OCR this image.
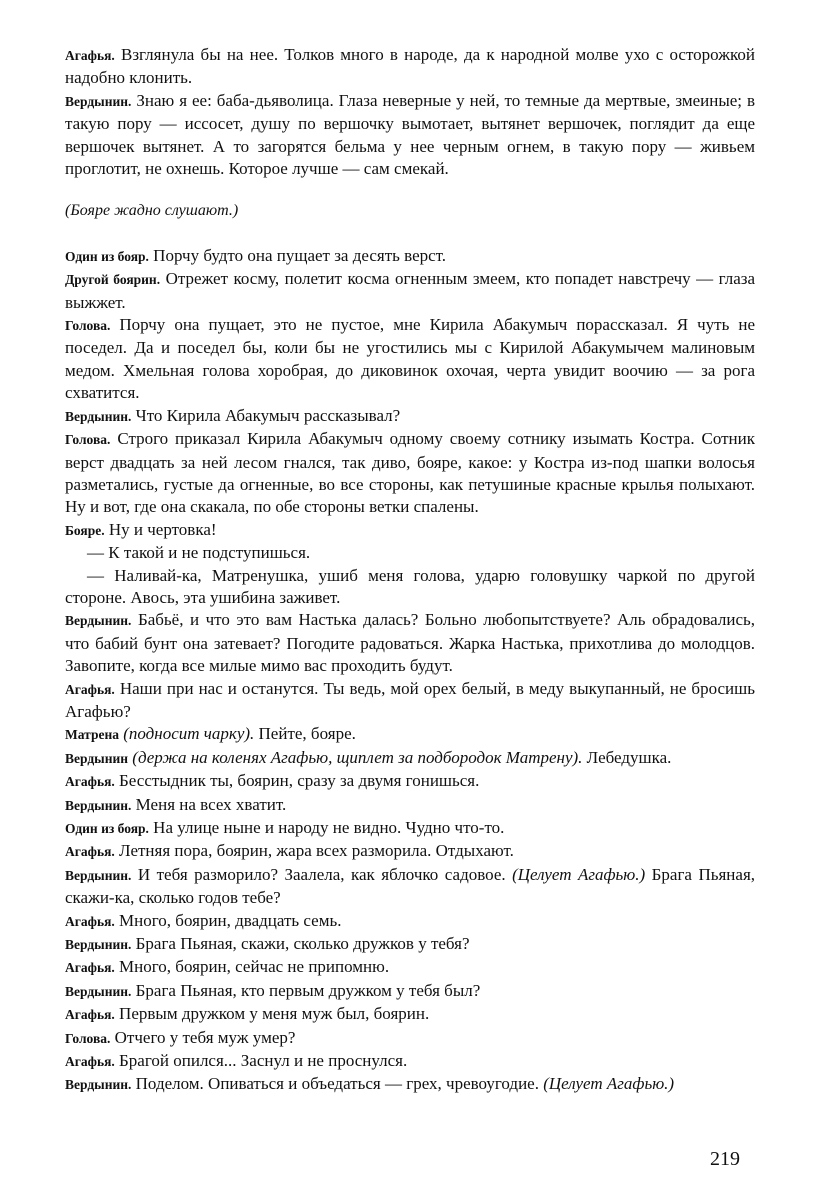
Агафья. Взглянула бы на нее. Толков много в народе, да к народной молве ухо с осторожкой надобно клонить.

Вердынин. Знаю я ее: баба-дьяволица. Глаза неверные у ней, то темные да мертвые, змеиные; в такую пору — иссосет, душу по вершочку вымотает, вытянет вершочек, поглядит да еще вершочек вытянет. А то загорятся бельма у нее черным огнем, в такую пору — живьем проглотит, не охнешь. Которое лучше — сам смекай.

(Бояре жадно слушают.)

Один из бояр. Порчу будто она пущает за десять верст.

Другой боярин. Отрежет косму, полетит косма огненным змеем, кто попадет навстречу — глаза выжжет.

Голова. Порчу она пущает, это не пустое, мне Кирила Абакумыч порассказал. Я чуть не поседел. Да и поседел бы, коли бы не угостились мы с Кирилой Абакумычем малиновым медом. Хмельная голова хоробрая, до диковинок охочая, черта увидит воочию — за рога схватится.

Вердынин. Что Кирила Абакумыч рассказывал?

Голова. Строго приказал Кирила Абакумыч одному своему сотнику изымать Костра. Сотник верст двадцать за ней лесом гнался, так диво, бояре, какое: у Костра из-под шапки волосья разметались, густые да огненные, во все стороны, как петушиные красные крылья полыхают. Ну и вот, где она скакала, по обе стороны ветки спалены.

Бояре. Ну и чертовка!

— К такой и не подступишься.

— Наливай-ка, Матренушка, ушиб меня голова, ударю головушку чаркой по другой стороне. Авось, эта ушибина заживет.

Вердынин. Бабьё, и что это вам Настька далась? Больно любопытствуете? Аль обрадовались, что бабий бунт она затевает? Погодите радоваться. Жарка Настька, прихотлива до молодцов. Завопите, когда все милые мимо вас проходить будут.

Агафья. Наши при нас и останутся. Ты ведь, мой орех белый, в меду выкупанный, не бросишь Агафью?

Матрена (подносит чарку). Пейте, бояре.

Вердынин (держа на коленях Агафью, щиплет за подбородок Матрену). Лебедушка.

Агафья. Бесстыдник ты, боярин, сразу за двумя гонишься.

Вердынин. Меня на всех хватит.

Один из бояр. На улице ныне и народу не видно. Чудно что-то.

Агафья. Летняя пора, боярин, жара всех разморила. Отдыхают.

Вердынин. И тебя разморило? Заалела, как яблочко садовое. (Целует Агафью.) Брага Пьяная, скажи-ка, сколько годов тебе?

Агафья. Много, боярин, двадцать семь.

Вердынин. Брага Пьяная, скажи, сколько дружков у тебя?

Агафья. Много, боярин, сейчас не припомню.

Вердынин. Брага Пьяная, кто первым дружком у тебя был?

Агафья. Первым дружком у меня муж был, боярин.

Голова. Отчего у тебя муж умер?

Агафья. Брагой опился... Заснул и не проснулся.

Вердынин. Поделом. Опиваться и объедаться — грех, чревоугодие. (Целует Агафью.)

219
